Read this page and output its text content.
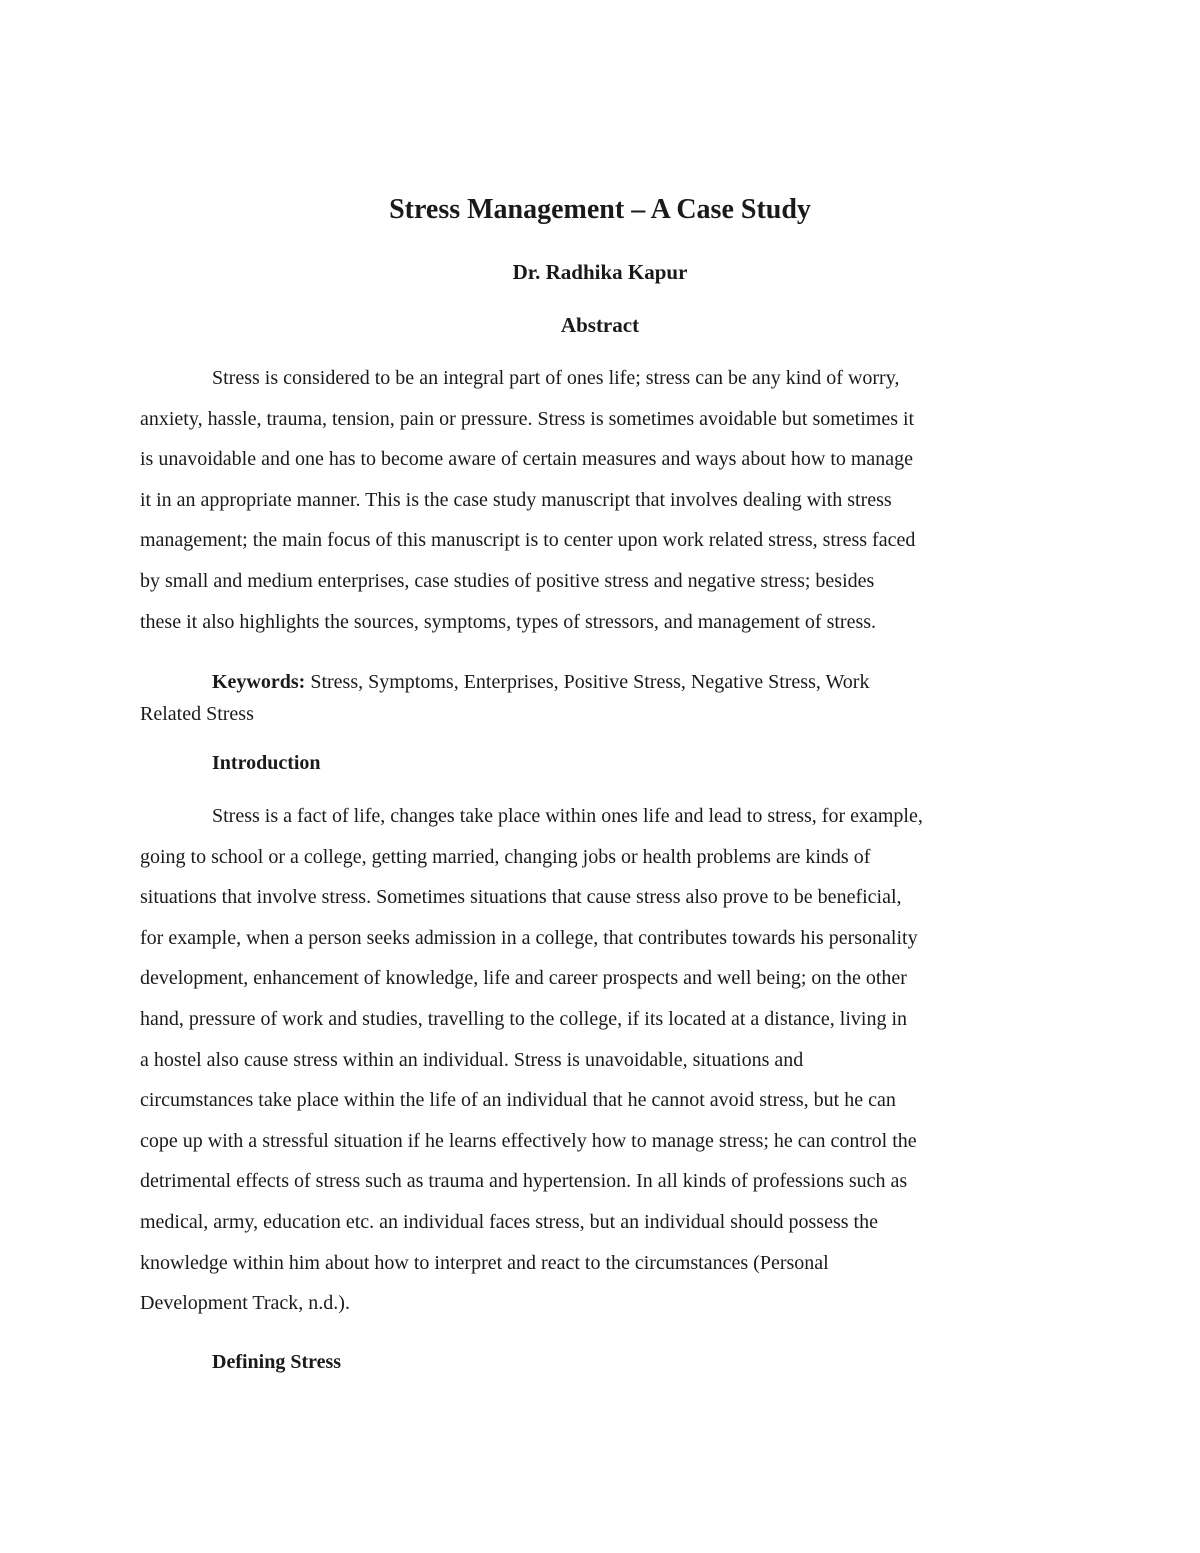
Stress Management – A Case Study
Dr. Radhika Kapur
Abstract

Stress is considered to be an integral part of ones life; stress can be any kind of worry,
anxiety, hassle, trauma, tension, pain or pressure. Stress is sometimes avoidable but sometimes it
is unavoidable and one has to become aware of certain measures and ways about how to manage
it in an appropriate manner. This is the case study manuscript that involves dealing with stress
management; the main focus of this manuscript is to center upon work related stress, stress faced
by small and medium enterprises, case studies of positive stress and negative stress; besides
these it also highlights the sources, symptoms, types of stressors, and management of stress.

Keywords: Stress, Symptoms, Enterprises, Positive Stress, Negative Stress, Work
Related Stress

Introduction

Stress is a fact of life, changes take place within ones life and lead to stress, for example,
going to school or a college, getting married, changing jobs or health problems are kinds of
situations that involve stress. Sometimes situations that cause stress also prove to be beneficial,
for example, when a person seeks admission in a college, that contributes towards his personality
development, enhancement of knowledge, life and career prospects and well being; on the other
hand, pressure of work and studies, travelling to the college, if its located at a distance, living in
a hostel also cause stress within an individual. Stress is unavoidable, situations and
circumstances take place within the life of an individual that he cannot avoid stress, but he can
cope up with a stressful situation if he learns effectively how to manage stress; he can control the
detrimental effects of stress such as trauma and hypertension. In all kinds of professions such as
medical, army, education etc. an individual faces stress, but an individual should possess the
knowledge within him about how to interpret and react to the circumstances (Personal
Development Track, n.d.).

Defining Stress
